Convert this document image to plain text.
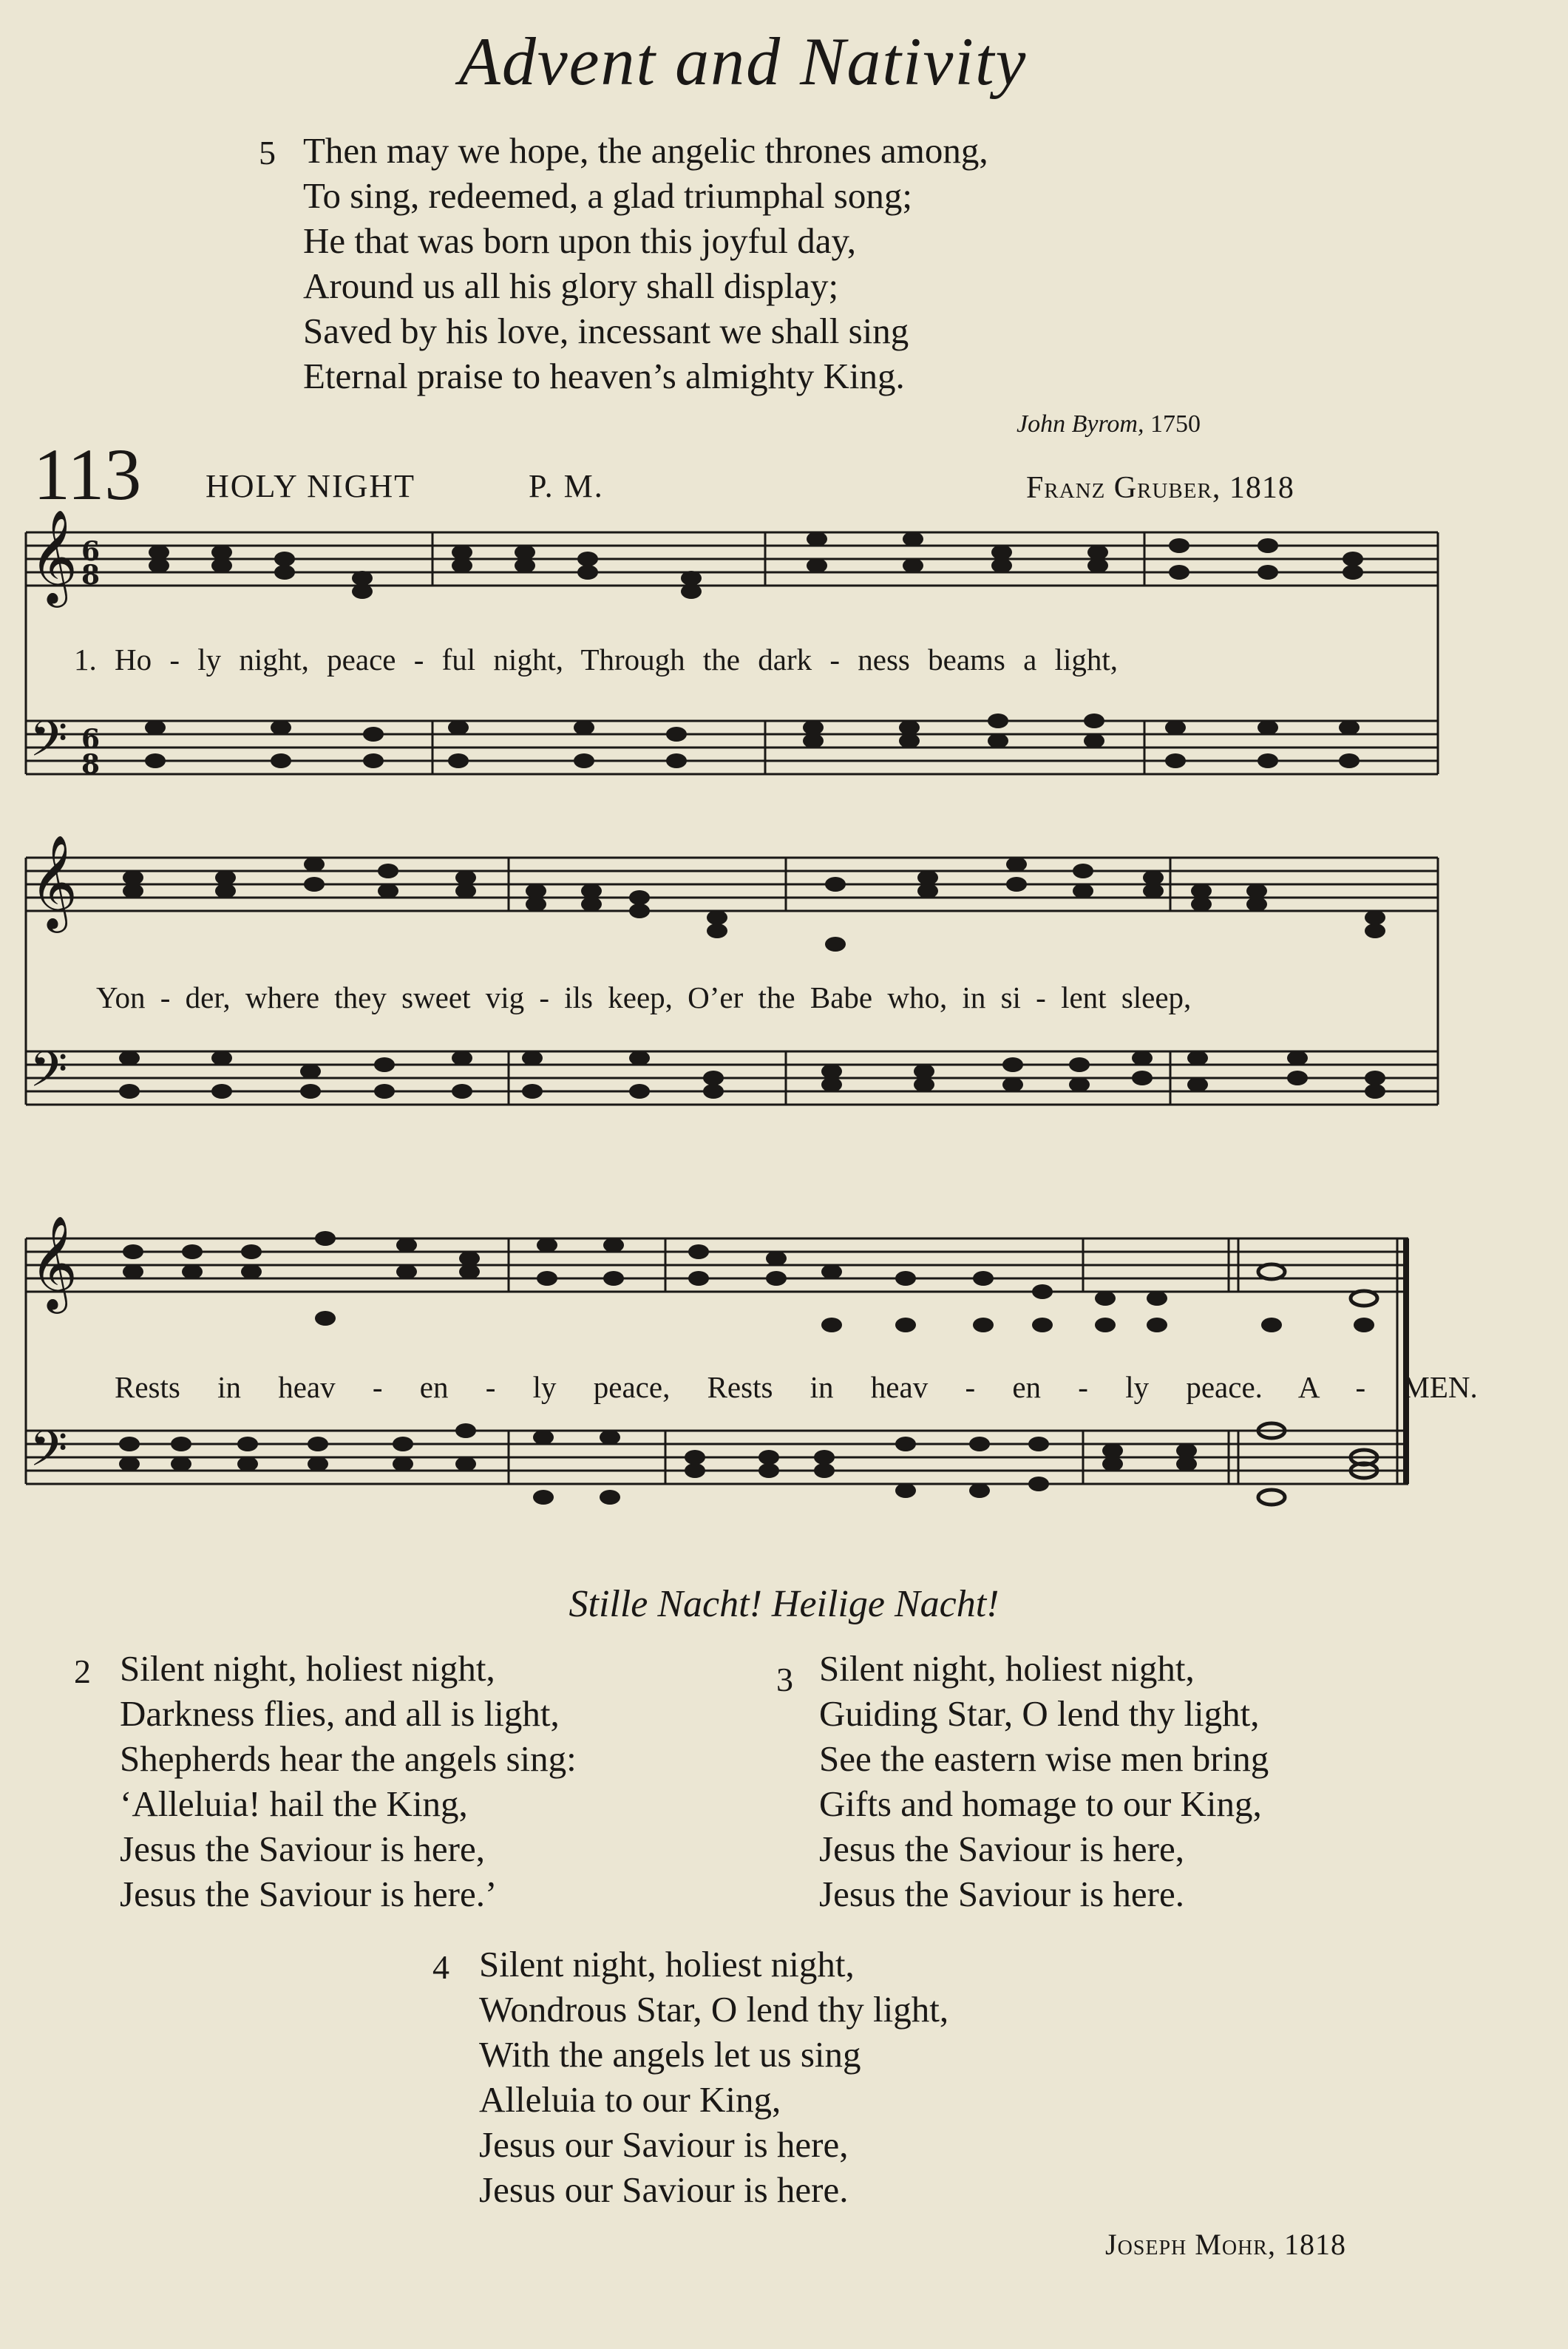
Advent and Nativity
5 Then may we hope, the angelic thrones among,
To sing, redeemed, a glad triumphal song;
He that was born upon this joyful day,
Around us all his glory shall display;
Saved by his love, incessant we shall sing
Eternal praise to heaven’s almighty King.
John Byrom, 1750
113 HOLY NIGHT	P. M.	Franz Gruber, 1818
𝄞
𝄢
6
8
6
8
𝄞
𝄢
𝄞
𝄢
1. Ho - ly night, peace - ful night, Through the dark - ness beams a light,
Yon - der, where they sweet vig - ils keep, O’er the Babe who, in si - lent sleep,
Rests in heav - en - ly peace, Rests in heav - en - ly peace. A - MEN.
Stille Nacht! Heilige Nacht!
2 Silent night, holiest night,
Darkness flies, and all is light,
Shepherds hear the angels sing:
‘Alleluia! hail the King,
Jesus the Saviour is here,
Jesus the Saviour is here.’
3 Silent night, holiest night,
Guiding Star, O lend thy light,
See the eastern wise men bring
Gifts and homage to our King,
Jesus the Saviour is here,
Jesus the Saviour is here.
4 Silent night, holiest night,
Wondrous Star, O lend thy light,
With the angels let us sing
Alleluia to our King,
Jesus our Saviour is here,
Jesus our Saviour is here.
Joseph Mohr, 1818
